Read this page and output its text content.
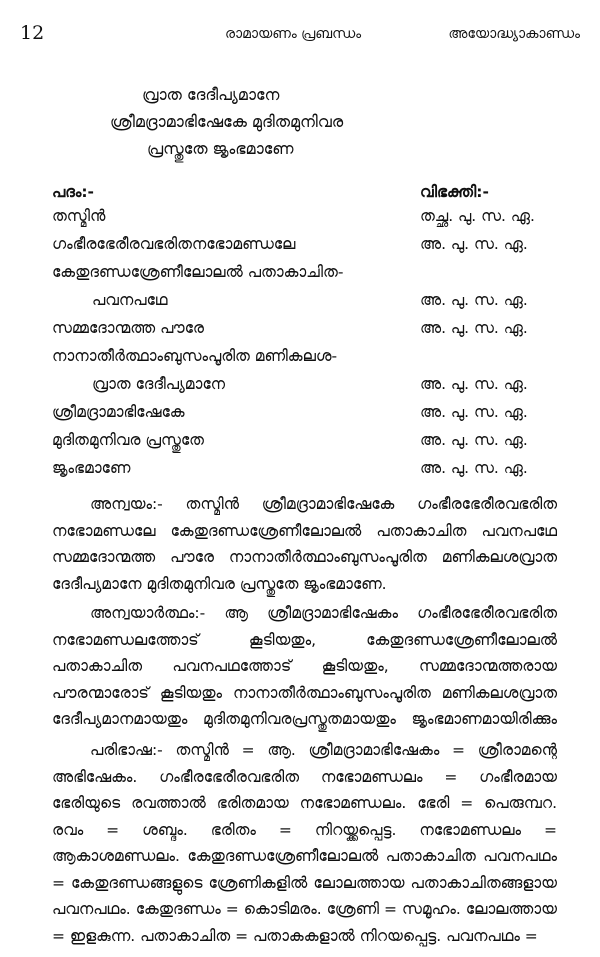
12	രാമായണം പ്രബന്ധം	അയോദ്ധ്യാകാണ്ഡം
വ്രാത ദേദീപ്യമാനേ
ശ്രീമദ്രാമാഭിഷേകേ മുദിതമുനിവര
പ്രസ്തുതേ ജൃംഭമാണേ
പദം:-	വിഭക്തി:-
തസ്മിൻ	തച്ഛ. പു. സ. ഏ.
ഗംഭീരഭേരീരവഭരിതനഭോമണ്ഡലേ	അ. പു. സ. ഏ.
കേതുദണ്ഡശ്രേണീലോലൽ പതാകാചിത-
പവനപഥേ	അ. പു. സ. ഏ.
സമ്മദോന്മത്ത പൗരേ	അ. പു. സ. ഏ.
നാനാതീർത്ഥാംബുസംപൂരിത മണികലശ-
വ്രാത ദേദീപ്യമാനേ	അ. പു. സ. ഏ.
ശ്രീമദ്രാമാഭിഷേകേ	അ. പു. സ. ഏ.
മുദിതമുനിവര പ്രസ്തുതേ	അ. പു. സ. ഏ.
ജൃംഭമാണേ	അ. പു. സ. ഏ.

അന്വയം:- തസ്മിൻ ശ്രീമദ്രാമാഭിഷേകേ ഗംഭീരഭേരീരവഭരിത നഭോമണ്ഡലേ കേതുദണ്ഡശ്രേണീലോലൽ പതാകാചിത പവനപഥേ സമ്മദോന്മത്ത പൗരേ നാനാതീർത്ഥാംബുസംപൂരിത മണികലശവ്രാത ദേദീപ്യമാനേ മുദിതമുനിവര പ്രസ്തുതേ ജൃംഭമാണേ.

അന്വയാർത്ഥം:- ആ ശ്രീമദ്രാമാഭിഷേകം ഗംഭീരഭേരീരവഭരിത നഭോമണ്ഡലത്തോട് കൂടിയതും, കേതുദണ്ഡശ്രേണീലോലൽ പതാകാചിത പവനപഥത്തോട് കൂടിയതും, സമ്മദോന്മത്തരായ പൗരന്മാരോട് കൂടിയതും നാനാതീർത്ഥാംബുസംപൂരിത മണികലശവ്രാത ദേദീപ്യമാനമായതും മുദിതമുനിവരപ്രസ്തുതമായതും ജൃംഭമാണമായിരിക്കും

പരിഭാഷ:- തസ്മിൻ = ആ. ശ്രീമദ്രാമാഭിഷേകം = ശ്രീരാമന്റെ അഭിഷേകം. ഗംഭീരഭേരീരവഭരിത നഭോമണ്ഡലം = ഗംഭീരമായ ഭേരിയുടെ രവത്താൽ ഭരിതമായ നഭോമണ്ഡലം. ഭേരി = പെരുമ്പറ. രവം = ശബ്ദം. ഭരിതം = നിറയ്ക്കപ്പെട്ട. നഭോമണ്ഡലം = ആകാശമണ്ഡലം. കേതുദണ്ഡശ്രേണീലോലൽ പതാകാചിത പവനപഥം = കേതുദണ്ഡങ്ങളുടെ ശ്രേണികളിൽ ലോലത്തായ പതാകാചിതങ്ങളായ പവനപഥം. കേതുദണ്ഡം = കൊടിമരം. ശ്രേണി = സമൂഹം. ലോലത്തായ = ഇളകുന്ന. പതാകാചിത = പതാകകളാൽ നിറയപ്പെട്ട. പവനപഥം =
